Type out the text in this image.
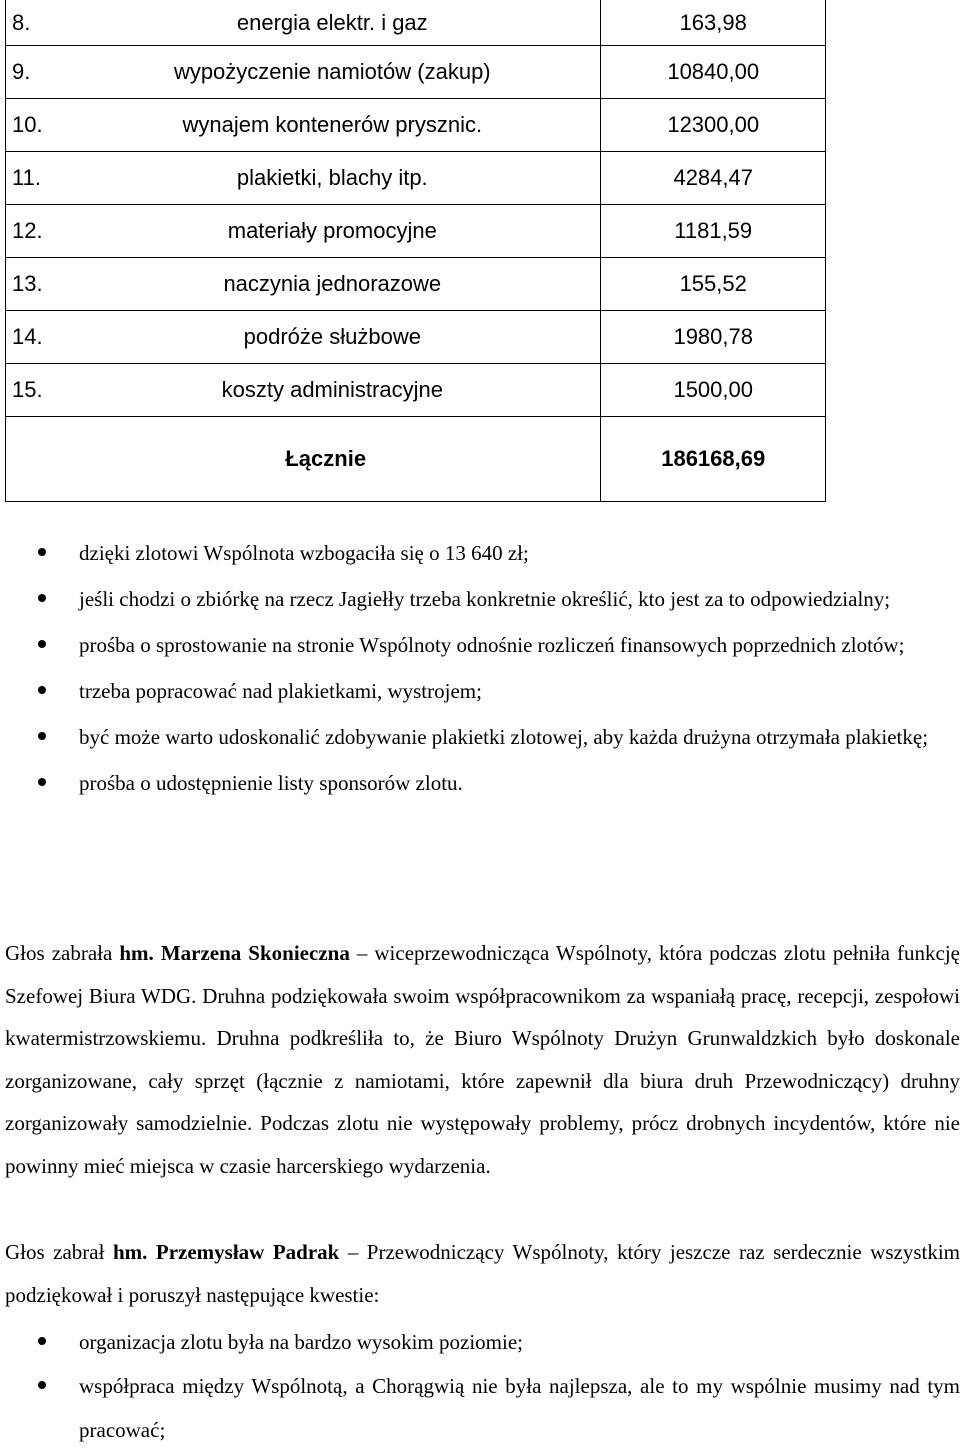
8.	energia elektr. i gaz	163,98
9.	wypożyczenie namiotów (zakup)	10840,00
10.	wynajem kontenerów prysznic.	12300,00
11.	plakietki, blachy itp.	4284,47
12.	materiały promocyjne	1181,59
13.	naczynia jednorazowe	155,52
14.	podróże służbowe	1980,78
15.	koszty administracyjne	1500,00
Łącznie		186168,69
dzięki zlotowi Wspólnota wzbogaciła się o 13 640 zł;
jeśli chodzi o zbiórkę na rzecz Jagiełły trzeba konkretnie określić, kto jest za to odpowiedzialny;
prośba o sprostowanie na stronie Wspólnoty odnośnie rozliczeń finansowych poprzednich zlotów;
trzeba popracować nad plakietkami, wystrojem;
być może warto udoskonalić zdobywanie plakietki zlotowej, aby każda drużyna otrzymała plakietkę;
prośba o udostępnienie listy sponsorów zlotu.

Głos zabrała hm. Marzena Skonieczna – wiceprzewodnicząca Wspólnoty, która podczas zlotu pełniła funkcję Szefowej Biura WDG. Druhna podziękowała swoim współpracownikom za wspaniałą pracę, recepcji, zespołowi kwatermistrzowskiemu. Druhna podkreśliła to, że Biuro Wspólnoty Drużyn Grunwaldzkich było doskonale zorganizowane, cały sprzęt (łącznie z namiotami, które zapewnił dla biura druh Przewodniczący) druhny zorganizowały samodzielnie. Podczas zlotu nie występowały problemy, prócz drobnych incydentów, które nie powinny mieć miejsca w czasie harcerskiego wydarzenia.

Głos zabrał hm. Przemysław Padrak – Przewodniczący Wspólnoty, który jeszcze raz serdecznie wszystkim podziękował i poruszył następujące kwestie:

organizacja zlotu była na bardzo wysokim poziomie;
współpraca między Wspólnotą, a Chorągwią nie była najlepsza, ale to my wspólnie musimy nad tym pracować;
